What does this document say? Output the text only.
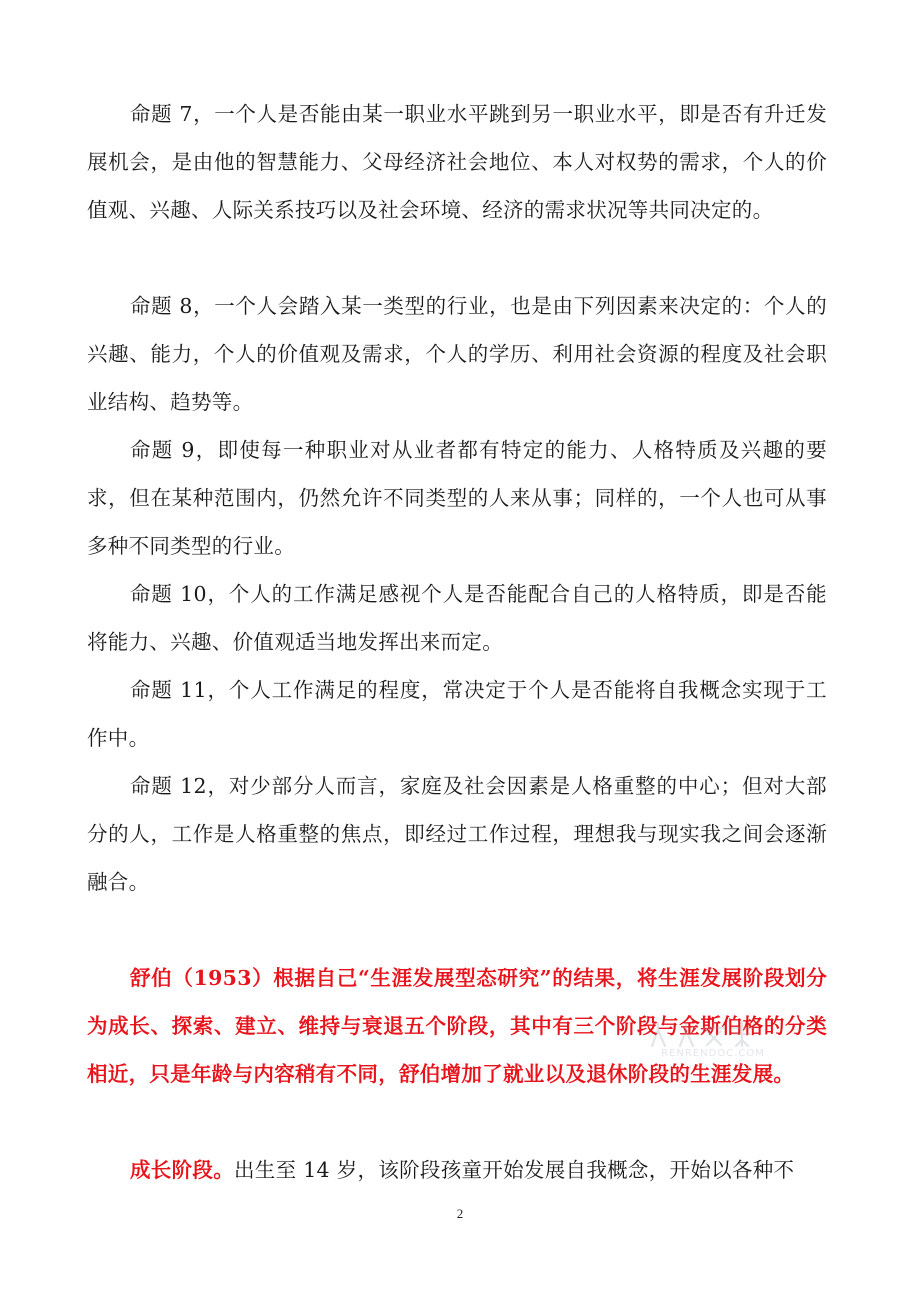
命题 7，一个人是否能由某一职业水平跳到另一职业水平，即是否有升迁发展机会，是由他的智慧能力、父母经济社会地位、本人对权势的需求，个人的价值观、兴趣、人际关系技巧以及社会环境、经济的需求状况等共同决定的。

命题 8，一个人会踏入某一类型的行业，也是由下列因素来决定的：个人的兴趣、能力，个人的价值观及需求，个人的学历、利用社会资源的程度及社会职业结构、趋势等。

命题 9，即使每一种职业对从业者都有特定的能力、人格特质及兴趣的要求，但在某种范围内，仍然允许不同类型的人来从事；同样的，一个人也可从事多种不同类型的行业。

命题 10，个人的工作满足感视个人是否能配合自己的人格特质，即是否能将能力、兴趣、价值观适当地发挥出来而定。

命题 11，个人工作满足的程度，常决定于个人是否能将自我概念实现于工作中。

命题 12，对少部分人而言，家庭及社会因素是人格重整的中心；但对大部分的人，工作是人格重整的焦点，即经过工作过程，理想我与现实我之间会逐渐融合。

舒伯（1953）根据自己“生涯发展型态研究”的结果，将生涯发展阶段划分为成长、探索、建立、维持与衰退五个阶段，其中有三个阶段与金斯伯格的分类相近，只是年龄与内容稍有不同，舒伯增加了就业以及退休阶段的生涯发展。

成长阶段。出生至 14 岁，该阶段孩童开始发展自我概念，开始以各种不

2
RENRENDOC.COM
